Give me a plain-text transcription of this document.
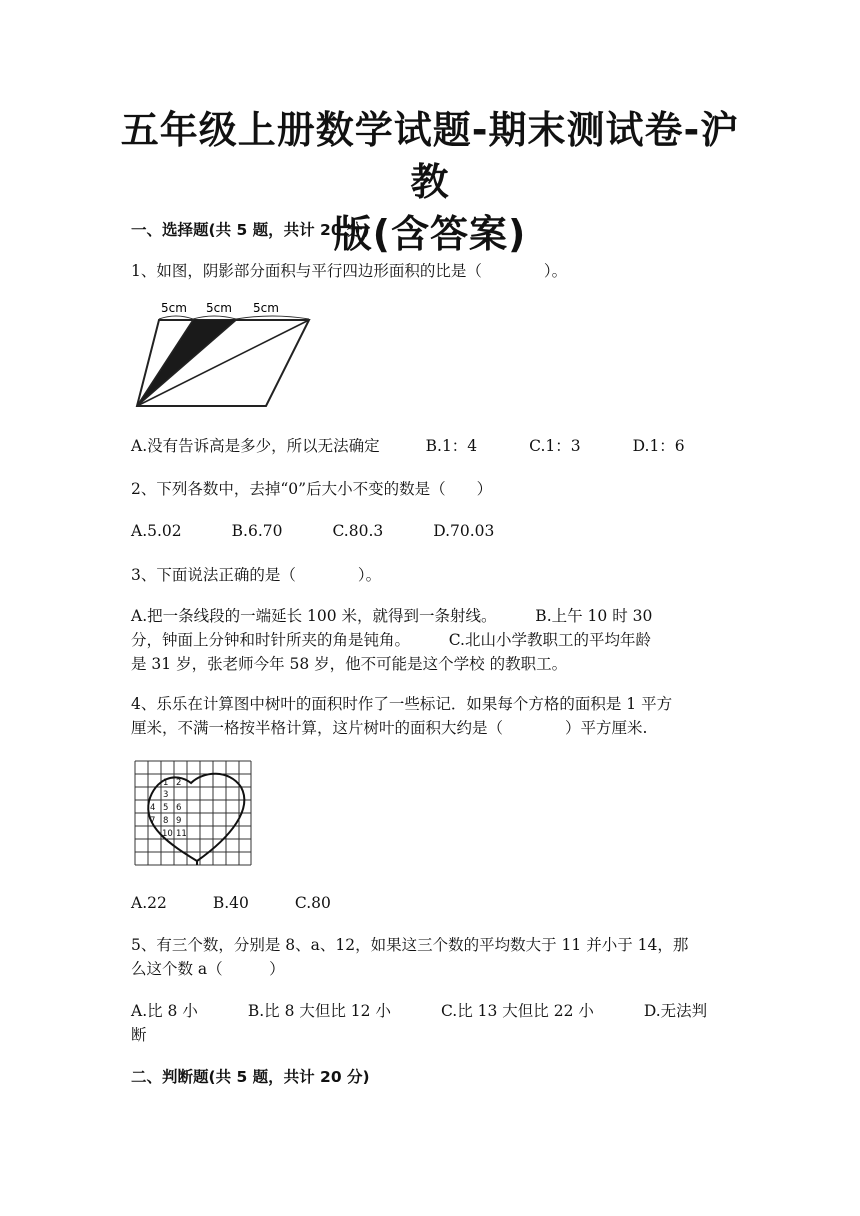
五年级上册数学试题-期末测试卷-沪教
版(含答案)
一、选择题(共 5 题，共计 20 分)
1、如图，阴影部分面积与平行四边形面积的比是（　　　　）。
5cm 5cm 5cm
A.没有告诉高是多少，所以无法确定	B.1：4	C.1：3	D.1：6
2、下列各数中，去掉“0”后大小不变的数是（　　）
A.5.02	B.6.70	C.80.3	D.70.03
3、下面说法正确的是（　　　　）。
A.把一条线段的一端延长 100 米，就得到一条射线。　　　B.上午 10 时 30
分，钟面上分钟和时针所夹的角是钝角。　　　C.北山小学教职工的平均年龄
是 31 岁，张老师今年 58 岁，他不可能是这个学校 的教职工。
4、乐乐在计算图中树叶的面积时作了一些标记．如果每个方格的面积是 1 平方
厘米，不满一格按半格计算，这片树叶的面积大约是（　　　　）平方厘米.
1 2
3
4 5 6
7 8 9
10 11
A.22	B.40	C.80
5、有三个数，分别是 8、a、12，如果这三个数的平均数大于 11 并小于 14，那
么这个数 a（　　　）
A.比 8 小	B.比 8 大但比 12 小	C.比 13 大但比 22 小	D.无法判
断
二、判断题(共 5 题，共计 20 分)
